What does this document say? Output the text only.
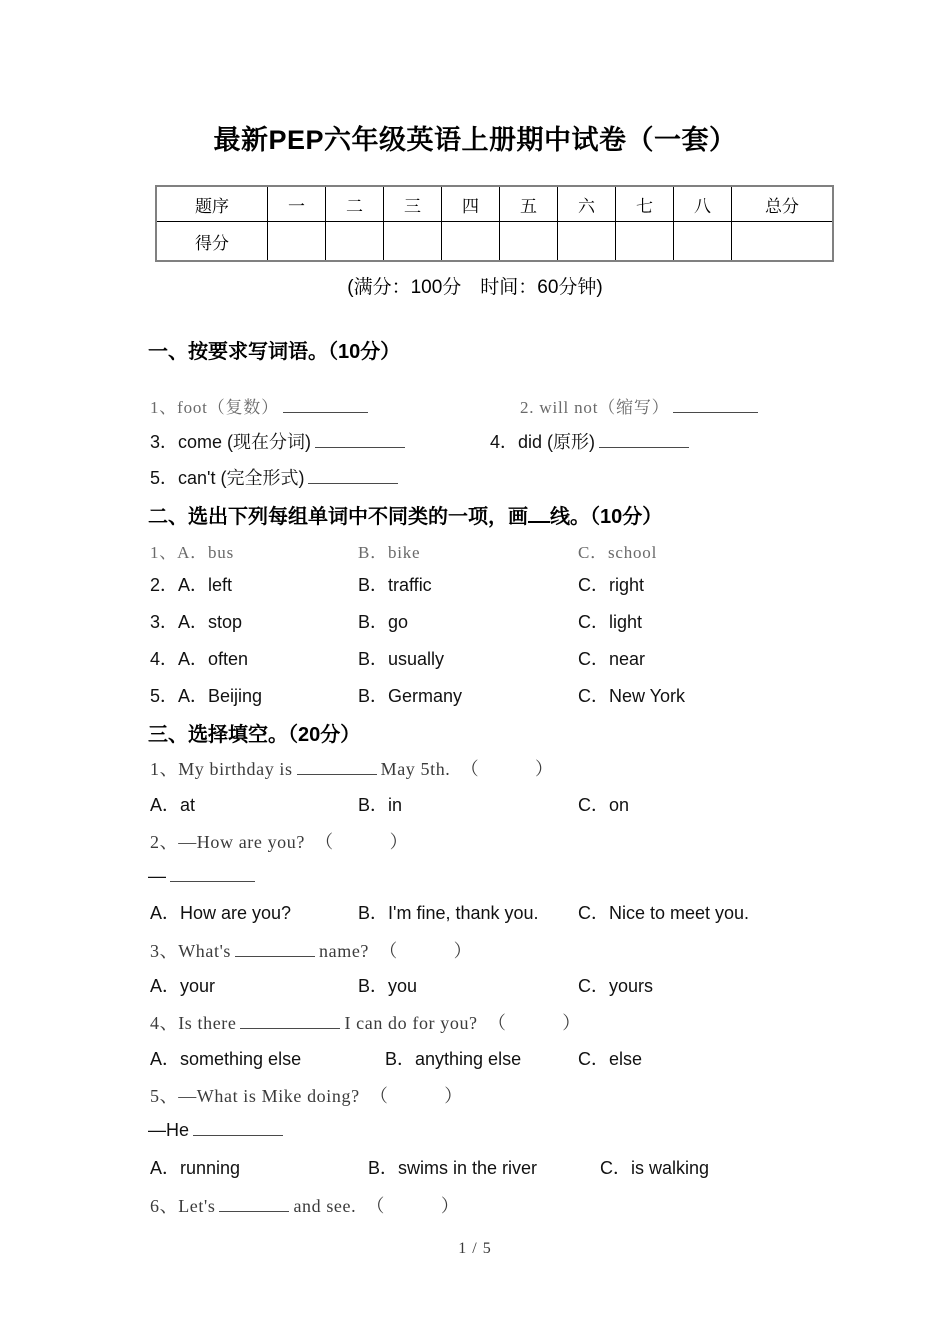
最新PEP六年级英语上册期中试卷（一套）
题序	一	二	三	四	五	六	七	八	总分
得分									
(满分：100分　时间：60分钟)
一、按要求写词语。（10分）
1、foot（复数）	2. will not（缩写）
3．come (现在分词)	4．did (原形)
5．can't (完全形式)
二、选出下列每组单词中不同类的一项，画 线。（10分）
1、A．bus	B．bike	C．school
2．A．left	B．traffic	C．right
3．A．stop	B．go	C．light
4．A．often	B．usually	C．near
5．A．Beijing	B．Germany	C．New York
三、选择填空。（20分）
1、My birthday is	May 5th. （　　　）
A．at	B．in	C．on
2、—How are you? （　　　）
—
A．How are you?	B．I'm fine, thank you. C．Nice to meet you.
3、What's	name? （　　　）
A．your	B．you	C．yours
4、Is there	I can do for you? （　　　）
A．something else	B．anything else	C．else
5、—What is Mike doing? （　　　）
—He
A．running	B．swims in the river	C．is walking
6、Let's	and see. （　　　）
1 / 5
